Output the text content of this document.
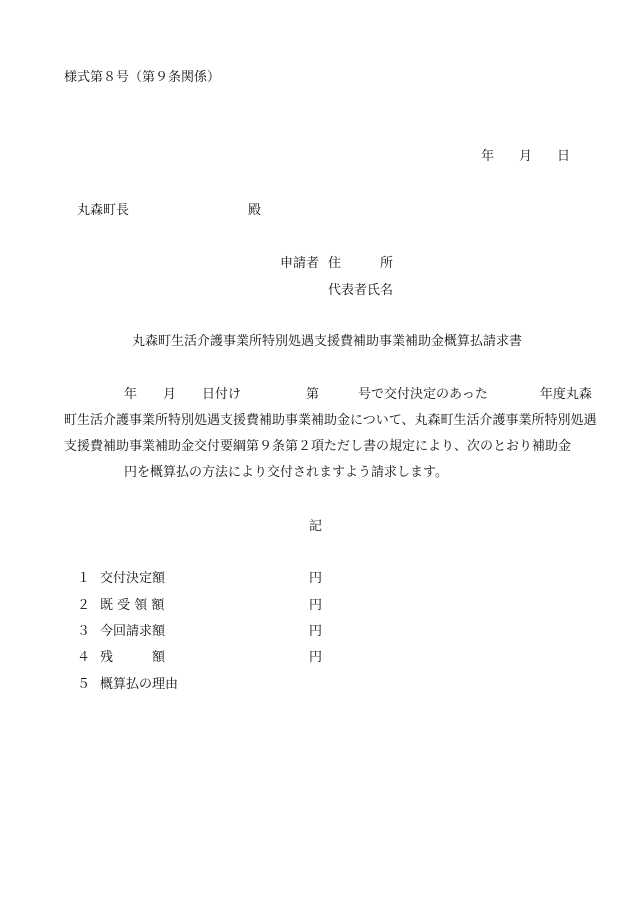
様式第８号（第９条関係）
年 月 日
丸森町長	殿
申請者 住　　　所
代表者氏名
丸森町生活介護事業所特別処遇支援費補助事業補助金概算払請求書
年　　月　　日付け　　　　　第　　　号で交付決定のあった　　　　年度丸森
町生活介護事業所特別処遇支援費補助事業補助金について、丸森町生活介護事業所特別処遇
支援費補助事業補助金交付要綱第９条第２項ただし書の規定により、次のとおり補助金
円を概算払の方法により交付されますよう請求します。
記
１ 交付決定額	円
２ 既 受 領 額	円
３ 今回請求額	円
４ 残　　　額	円
５ 概算払の理由
